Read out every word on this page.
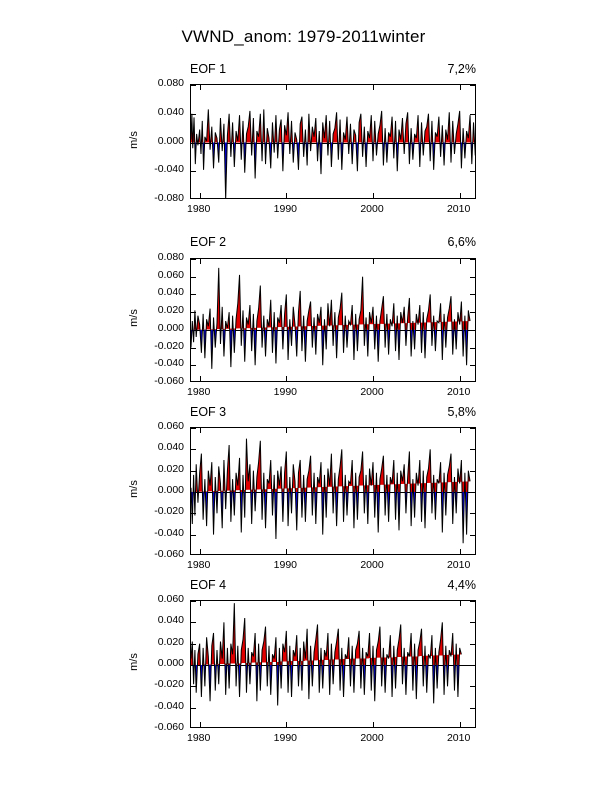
VWND_anom: 1979-2011winter
EOF 1	7,2%
-0.080
-0.040
0.000
0.040
0.080
m/s
1980	1990	2000	2010
EOF 2	6,6%
-0.060
-0.040
-0.020
0.000
0.020
0.040
0.060
0.080
m/s
1980	1990	2000	2010
EOF 3	5,8%
-0.060
-0.040
-0.020
0.000
0.020
0.040
0.060
m/s
1980	1990	2000	2010
EOF 4	4,4%
-0.060
-0.040
-0.020
0.000
0.020
0.040
0.060
m/s
1980	1990	2000	2010
